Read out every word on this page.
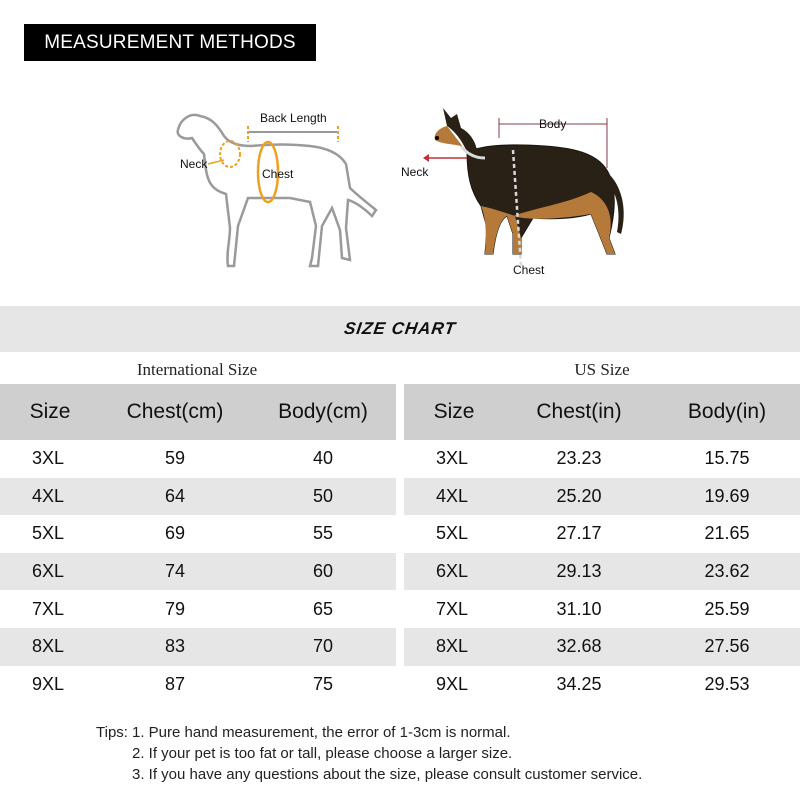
MEASUREMENT METHODS
Back Length
Neck
Chest
Body
Neck
Chest
SIZE CHART
International Size	US Size
Size	Chest(cm)	Body(cm)
3XL	59	40
4XL	64	50
5XL	69	55
6XL	74	60
7XL	79	65
8XL	83	70
9XL	87	75
Size	Chest(in)	Body(in)
3XL	23.23	15.75
4XL	25.20	19.69
5XL	27.17	21.65
6XL	29.13	23.62
7XL	31.10	25.59
8XL	32.68	27.56
9XL	34.25	29.53
Tips: 1. Pure hand measurement, the error of 1-3cm is normal.
2. If your pet is too fat or tall, please choose a larger size.
3. If you have any questions about the size, please consult customer service.
